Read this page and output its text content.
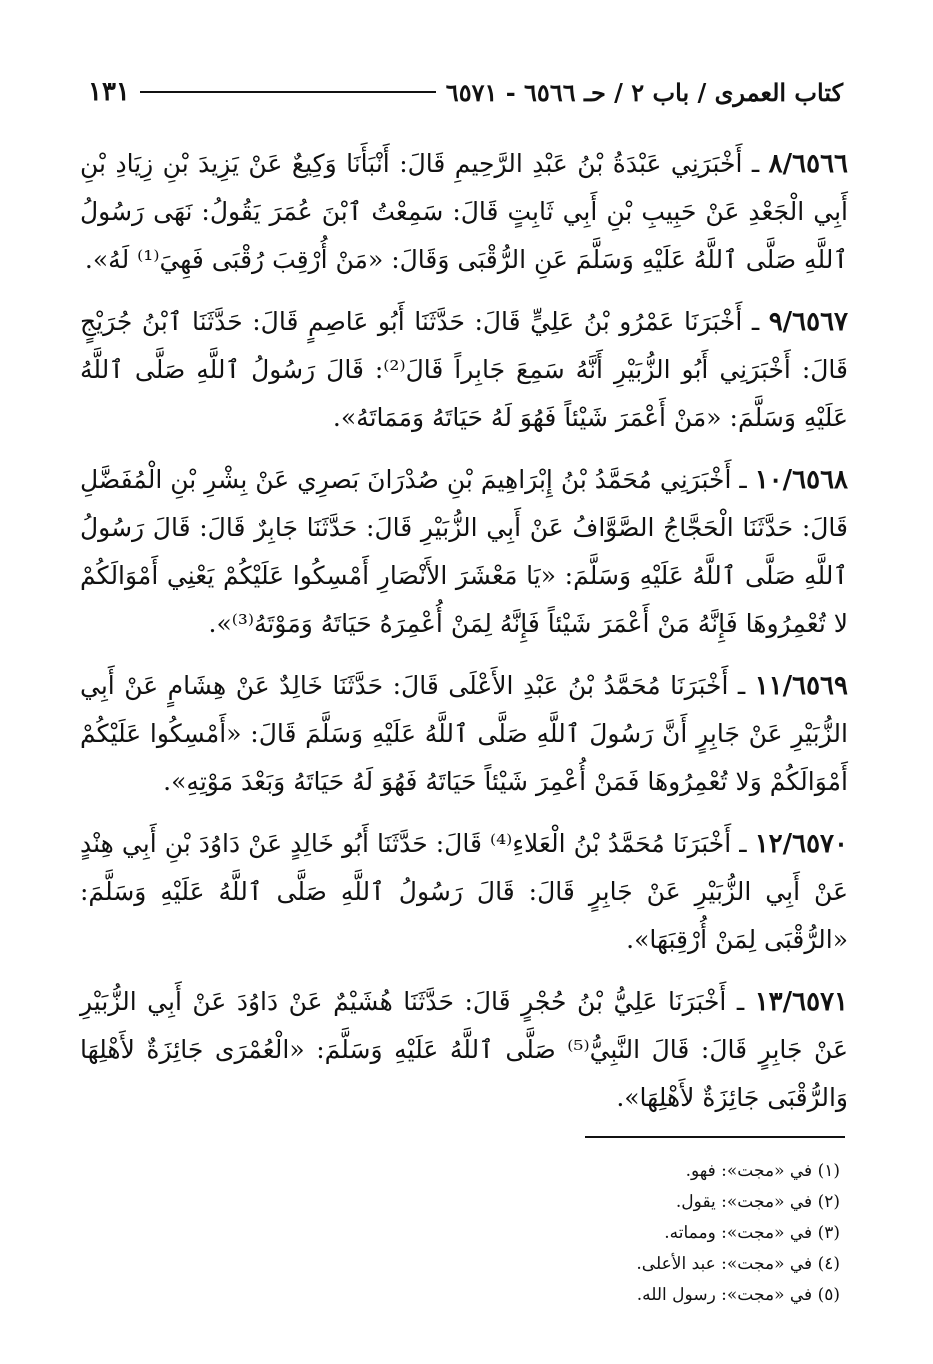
كتاب العمرى / باب ٢ / حـ ٦٥٦٦ - ٦٥٧١
١٣١

٨/٦٥٦٦ ـ أَخْبَرَنِي عَبْدَةُ بْنُ عَبْدِ الرَّحِيمِ قَالَ: أَنْبَأَنَا وَكِيعٌ عَنْ يَزِيدَ بْنِ زِيَادِ بْنِ أَبِي الْجَعْدِ عَنْ حَبِيبِ بْنِ أَبِي ثَابِتٍ قَالَ: سَمِعْتُ ٱبْنَ عُمَرَ يَقُولُ: نَهَى رَسُولُ ٱللَّهِ صَلَّى ٱللَّهُ عَلَيْهِ وَسَلَّمَ عَنِ الرُّقْبَى وَقَالَ: «مَنْ أُرْقِبَ رُقْبَى فَهِيَ⁽¹⁾ لَهُ».

٩/٦٥٦٧ ـ أَخْبَرَنَا عَمْرُو بْنُ عَلِيٍّ قَالَ: حَدَّثَنَا أَبُو عَاصِمٍ قَالَ: حَدَّثَنَا ٱبْنُ جُرَيْجٍ قَالَ: أَخْبَرَنِي أَبُو الزُّبَيْرِ أَنَّهُ سَمِعَ جَابِراً قَالَ⁽²⁾: قَالَ رَسُولُ ٱللَّهِ صَلَّى ٱللَّهُ عَلَيْهِ وَسَلَّمَ: «مَنْ أَعْمَرَ شَيْئاً فَهُوَ لَهُ حَيَاتَهُ وَمَمَاتَهُ».

١٠/٦٥٦٨ ـ أَخْبَرَنِي مُحَمَّدُ بْنُ إِبْرَاهِيمَ بْنِ صُدْرَانَ بَصرِي عَنْ بِشْرِ بْنِ الْمُفَضَّلِ قَالَ: حَدَّثَنَا الْحَجَّاجُ الصَّوَّافُ عَنْ أَبِي الزُّبَيْرِ قَالَ: حَدَّثَنَا جَابِرٌ قَالَ: قَالَ رَسُولُ ٱللَّهِ صَلَّى ٱللَّهُ عَلَيْهِ وَسَلَّمَ: «يَا مَعْشَرَ الأَنْصَارِ أَمْسِكُوا عَلَيْكُمْ يَعْنِي أَمْوَالَكُمْ لا تُعْمِرُوهَا فَإِنَّهُ مَنْ أَعْمَرَ شَيْئاً فَإِنَّهُ لِمَنْ أُعْمِرَهُ حَيَاتَهُ وَمَوْتَهُ⁽³⁾».

١١/٦٥٦٩ ـ أَخْبَرَنَا مُحَمَّدُ بْنُ عَبْدِ الأَعْلَى قَالَ: حَدَّثَنَا خَالِدٌ عَنْ هِشَامٍ عَنْ أَبِي الزُّبَيْرِ عَنْ جَابِرٍ أَنَّ رَسُولَ ٱللَّهِ صَلَّى ٱللَّهُ عَلَيْهِ وَسَلَّمَ قَالَ: «أَمْسِكُوا عَلَيْكُمْ أَمْوَالَكُمْ وَلا تُعْمِرُوهَا فَمَنْ أُعْمِرَ شَيْئاً حَيَاتَهُ فَهُوَ لَهُ حَيَاتَهُ وَبَعْدَ مَوْتِهِ».

١٢/٦٥٧٠ ـ أَخْبَرَنَا مُحَمَّدُ بْنُ الْعَلاءِ⁽⁴⁾ قَالَ: حَدَّثَنَا أَبُو خَالِدٍ عَنْ دَاوُدَ بْنِ أَبِي هِنْدٍ عَنْ أَبِي الزُّبَيْرِ عَنْ جَابِرٍ قَالَ: قَالَ رَسُولُ ٱللَّهِ صَلَّى ٱللَّهُ عَلَيْهِ وَسَلَّمَ: «الرُّقْبَى لِمَنْ أُرْقِبَهَا».

١٣/٦٥٧١ ـ أَخْبَرَنَا عَلِيُّ بْنُ حُجْرٍ قَالَ: حَدَّثَنَا هُشَيْمٌ عَنْ دَاوُدَ عَنْ أَبِي الزُّبَيْرِ عَنْ جَابِرٍ قَالَ: قَالَ النَّبِيُّ⁽⁵⁾ صَلَّى ٱللَّهُ عَلَيْهِ وَسَلَّمَ: «الْعُمْرَى جَائِزَةٌ لأَهْلِهَا وَالرُّقْبَى جَائِزَةٌ لأَهْلِهَا».

(١) في «مجت»: فهو.
(٢) في «مجت»: يقول.
(٣) في «مجت»: ومماته.
(٤) في «مجت»: عبد الأعلى.
(٥) في «مجت»: رسول الله.
